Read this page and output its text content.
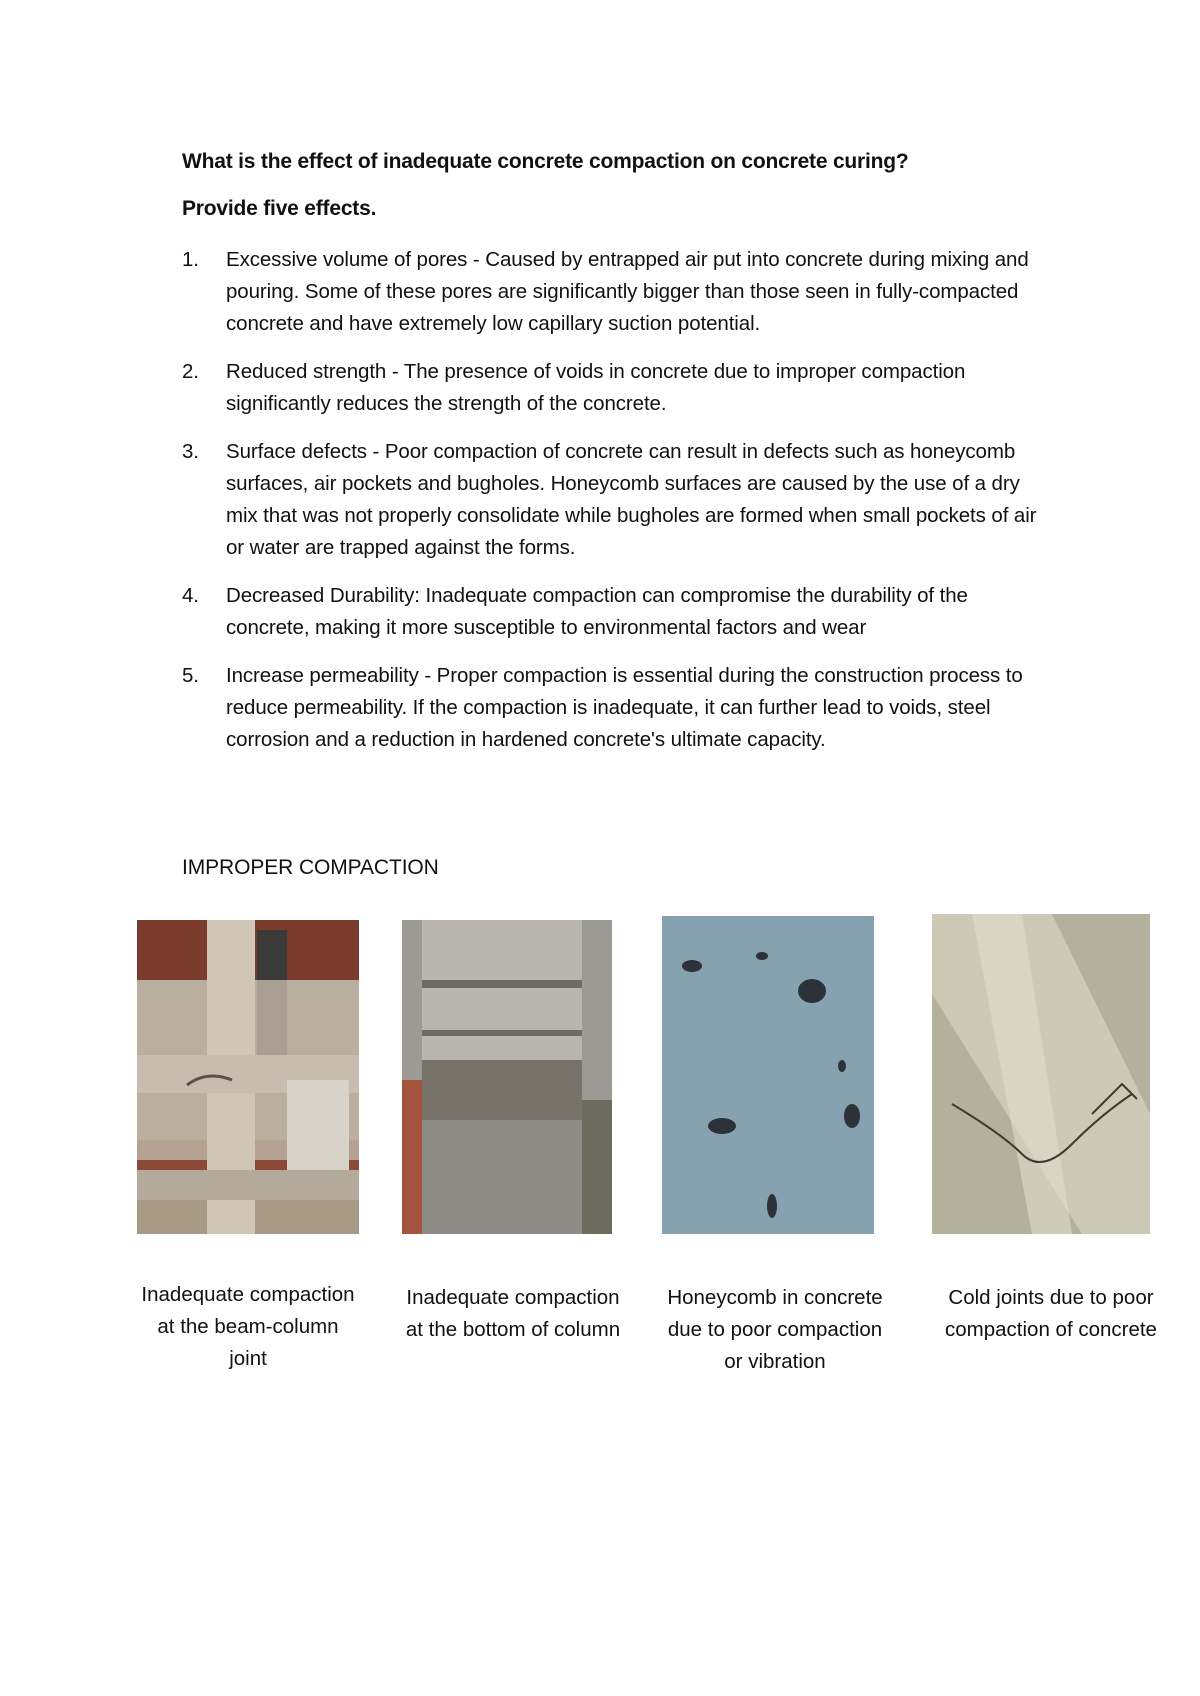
What is the effect of inadequate concrete compaction on concrete curing?

Provide five effects.

1. Excessive volume of pores - Caused by entrapped air put into concrete during mixing and pouring. Some of these pores are significantly bigger than those seen in fully-compacted concrete and have extremely low capillary suction potential.
2. Reduced strength - The presence of voids in concrete due to improper compaction significantly reduces the strength of the concrete.
3. Surface defects - Poor compaction of concrete can result in defects such as honeycomb surfaces, air pockets and bugholes. Honeycomb surfaces are caused by the use of a dry mix that was not properly consolidate while bugholes are formed when small pockets of air or water are trapped against the forms.
4. Decreased Durability: Inadequate compaction can compromise the durability of the concrete, making it more susceptible to environmental factors and wear
5. Increase permeability - Proper compaction is essential during the construction process to reduce permeability. If the compaction is inadequate, it can further lead to voids, steel corrosion and a reduction in hardened concrete's ultimate capacity.

IMPROPER COMPACTION

Inadequate compaction at the beam-column joint

Inadequate compaction at the bottom of column

Honeycomb in concrete due to poor compaction or vibration

Cold joints due to poor compaction of concrete
